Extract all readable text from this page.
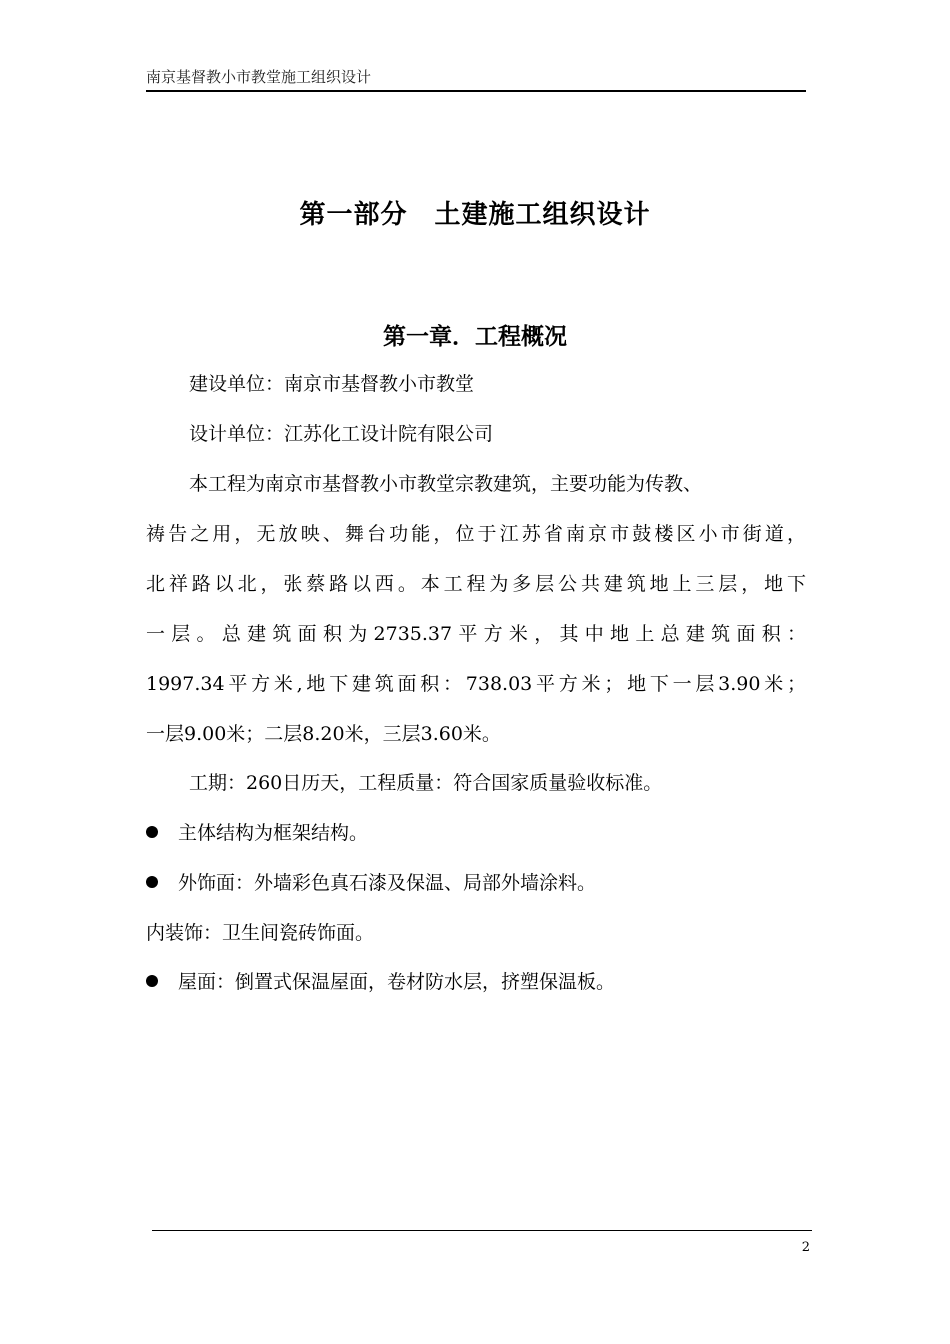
南京基督教小市教堂施工组织设计
第一部分　土建施工组织设计
第一章．工程概况
建设单位：南京市基督教小市教堂
设计单位：江苏化工设计院有限公司
本工程为南京市基督教小市教堂宗教建筑，主要功能为传教、
祷告之用，无放映、舞台功能，位于江苏省南京市鼓楼区小市街道，
北祥路以北，张蔡路以西。本工程为多层公共建筑地上三层，地下
一层。总建筑面积为2735.37平方米，其中地上总建筑面积：
1997.34平方米,地下建筑面积：738.03平方米；地下一层3.90米；
一层9.00米；二层8.20米，三层3.60米。
工期：260日历天，工程质量：符合国家质量验收标准。
主体结构为框架结构。
外饰面：外墙彩色真石漆及保温、局部外墙涂料。
内装饰：卫生间瓷砖饰面。
屋面：倒置式保温屋面，卷材防水层，挤塑保温板。
2
